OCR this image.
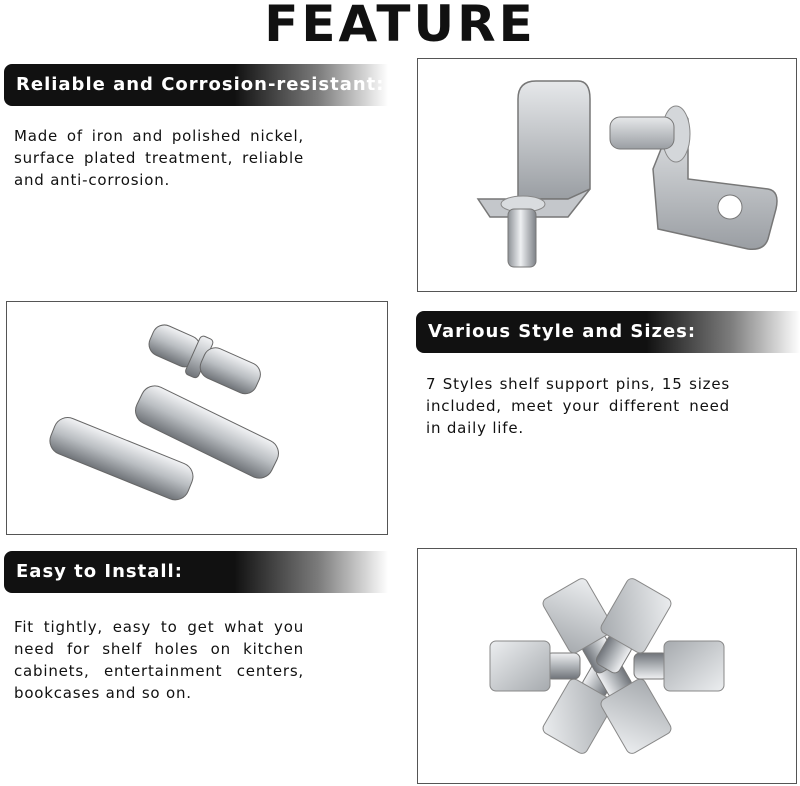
FEATURE
Reliable and Corrosion-resistant:
Made of iron and polished nickel, surface plated treatment, reliable and anti-corrosion.
Various Style and Sizes:
7 Styles shelf support pins, 15 sizes included, meet your different need in daily life.
Easy to Install:
Fit tightly, easy to get what you need for shelf holes on kitchen cabinets, entertainment centers, bookcases and so on.
